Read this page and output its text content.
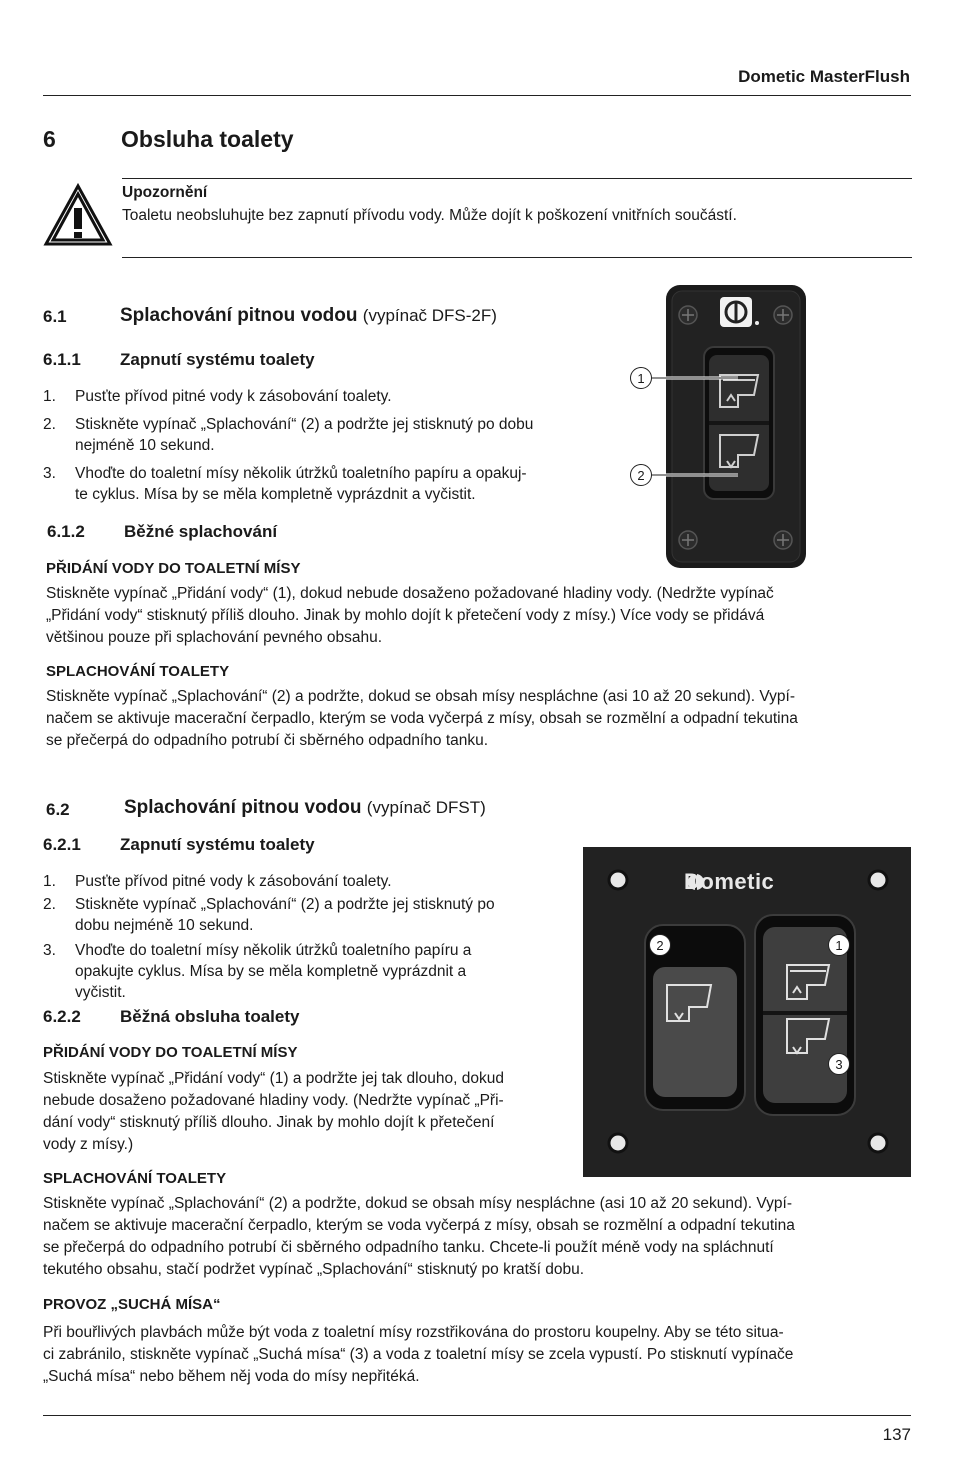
Dometic MasterFlush
6	Obsluha toalety
Upozornění
Toaletu neobsluhujte bez zapnutí přívodu vody. Může dojít k poškození vnitřních součástí.
6.1	Splachování pitnou vodou (vypínač DFS-2F)
6.1.1 Zapnutí systému toalety
1. Pusťte přívod pitné vody k zásobování toalety.
2. Stiskněte vypínač „Splachování“ (2) a podržte jej stisknutý po dobu
nejméně 10 sekund.
3. Vhoďte do toaletní mísy několik útržků toaletního papíru a opakuj-
te cyklus. Mísa by se měla kompletně vyprázdnit a vyčistit.
6.1.2 Běžné splachování
PŘIDÁNÍ VODY DO TOALETNÍ MÍSY
Stiskněte vypínač „Přidání vody“ (1), dokud nebude dosaženo požadované hladiny vody. (Nedržte vypínač
„Přidání vody“ stisknutý příliš dlouho. Jinak by mohlo dojít k přetečení vody z mísy.) Více vody se přidává
většinou pouze při splachování pevného obsahu.
SPLACHOVÁNÍ TOALETY
Stiskněte vypínač „Splachování“ (2) a podržte, dokud se obsah mísy nespláchne (asi 10 až 20 sekund). Vypí-
načem se aktivuje macerační čerpadlo, kterým se voda vyčerpá z mísy, obsah se rozmělní a odpadní tekutina
se přečerpá do odpadního potrubí či sběrného odpadního tanku.
1
2
6.2	Splachování pitnou vodou (vypínač DFST)
6.2.1 Zapnutí systému toalety
1. Pusťte přívod pitné vody k zásobování toalety.
2. Stiskněte vypínač „Splachování“ (2) a podržte jej stisknutý po
dobu nejméně 10 sekund.
3. Vhoďte do toaletní mísy několik útržků toaletního papíru a
opakujte cyklus. Mísa by se měla kompletně vyprázdnit a
vyčistit.
6.2.2 Běžná obsluha toalety
PŘIDÁNÍ VODY DO TOALETNÍ MÍSY
Stiskněte vypínač „Přidání vody“ (1) a podržte jej tak dlouho, dokud
nebude dosaženo požadované hladiny vody. (Nedržte vypínač „Při-
dání vody“ stisknutý příliš dlouho. Jinak by mohlo dojít k přetečení
vody z mísy.)
SPLACHOVÁNÍ TOALETY
Stiskněte vypínač „Splachování“ (2) a podržte, dokud se obsah mísy nespláchne (asi 10 až 20 sekund). Vypí-
načem se aktivuje macerační čerpadlo, kterým se voda vyčerpá z mísy, obsah se rozmělní a odpadní tekutina
se přečerpá do odpadního potrubí či sběrného odpadního tanku. Chcete-li použít méně vody na spláchnutí
tekutého obsahu, stačí podržet vypínač „Splachování“ stisknutý po kratší dobu.
PROVOZ „SUCHÁ MÍSA“
Při bouřlivých plavbách může být voda z toaletní mísy rozstřikována do prostoru koupelny. Aby se této situa-
ci zabránilo, stiskněte vypínač „Suchá mísa“ (3) a voda z toaletní mísy se zcela vypustí. Po stisknutí vypínače
„Suchá mísa“ nebo během něj voda do mísy nepřitéká.
Dometic
2	1
3
137
